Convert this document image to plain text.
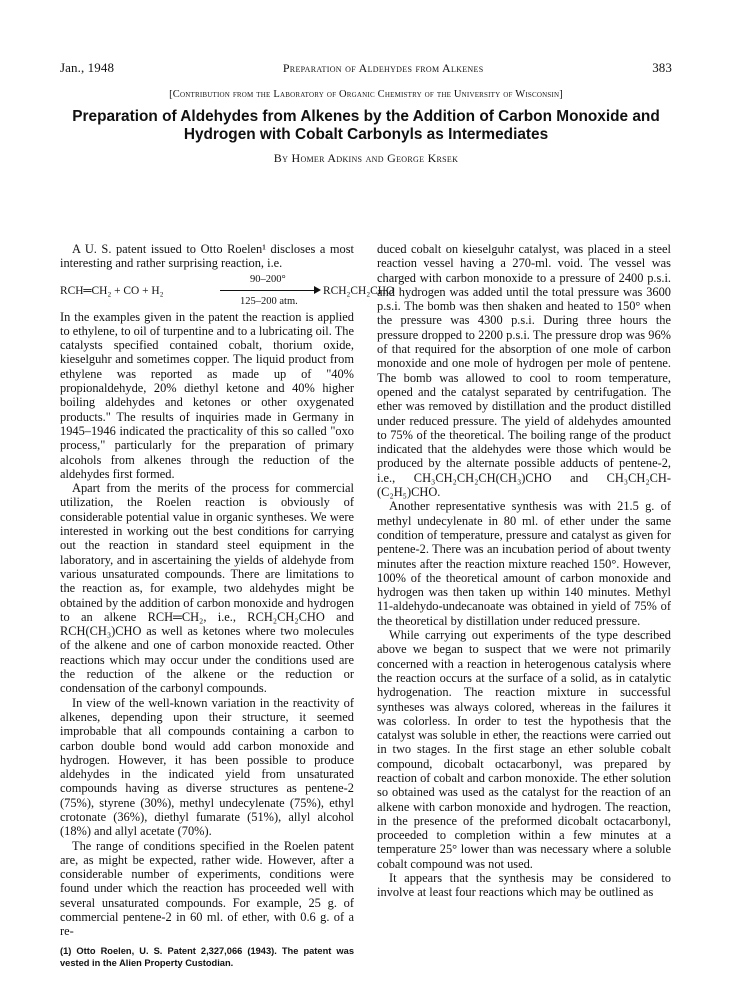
Jan., 1948	Preparation of Aldehydes from Alkenes	383
[Contribution from the Laboratory of Organic Chemistry of the University of Wisconsin]
Preparation of Aldehydes from Alkenes by the Addition of Carbon Monoxide and Hydrogen with Cobalt Carbonyls as Intermediates
By Homer Adkins and George Krsek

A U. S. patent issued to Otto Roelen¹ discloses a most interesting and rather surprising reaction, i.e.

RCH═CH₂ + CO + H₂
90–200°
125–200 atm.
RCH₂CH₂CHO

In the examples given in the patent the reaction is applied to ethylene, to oil of turpentine and to a lubricating oil. The catalysts specified contained cobalt, thorium oxide, kieselguhr and sometimes copper. The liquid product from ethylene was reported as made up of "40% propionaldehyde, 20% diethyl ketone and 40% higher boiling aldehydes and ketones or other oxygenated products." The results of inquiries made in Germany in 1945–1946 indicated the practicality of this so called "oxo process," particularly for the preparation of primary alcohols from alkenes through the reduction of the aldehydes first formed.

Apart from the merits of the process for commercial utilization, the Roelen reaction is obviously of considerable potential value in organic syntheses. We were interested in working out the best conditions for carrying out the reaction in standard steel equipment in the laboratory, and in ascertaining the yields of aldehyde from various unsaturated compounds. There are limitations to the reaction as, for example, two aldehydes might be obtained by the addition of carbon monoxide and hydrogen to an alkene RCH═CH₂, i.e., RCH₂CH₂CHO and RCH(CH₃)CHO as well as ketones where two molecules of the alkene and one of carbon monoxide reacted. Other reactions which may occur under the conditions used are the reduction of the alkene or the reduction or condensation of the carbonyl compounds.

In view of the well-known variation in the reactivity of alkenes, depending upon their structure, it seemed improbable that all compounds containing a carbon to carbon double bond would add carbon monoxide and hydrogen. However, it has been possible to produce aldehydes in the indicated yield from unsaturated compounds having as diverse structures as pentene-2 (75%), styrene (30%), methyl undecylenate (75%), ethyl crotonate (36%), diethyl fumarate (51%), allyl alcohol (18%) and allyl acetate (70%).

The range of conditions specified in the Roelen patent are, as might be expected, rather wide. However, after a considerable number of experiments, conditions were found under which the reaction has proceeded well with several unsaturated compounds. For example, 25 g. of commercial pentene-2 in 60 ml. of ether, with 0.6 g. of a re-

(1) Otto Roelen, U. S. Patent 2,327,066 (1943). The patent was vested in the Alien Property Custodian.

duced cobalt on kieselguhr catalyst, was placed in a steel reaction vessel having a 270-ml. void. The vessel was charged with carbon monoxide to a pressure of 2400 p.s.i. and hydrogen was added until the total pressure was 3600 p.s.i. The bomb was then shaken and heated to 150° when the pressure was 4300 p.s.i. During three hours the pressure dropped to 2200 p.s.i. The pressure drop was 96% of that required for the absorption of one mole of carbon monoxide and one mole of hydrogen per mole of pentene. The bomb was allowed to cool to room temperature, opened and the catalyst separated by centrifugation. The ether was removed by distillation and the product distilled under reduced pressure. The yield of aldehydes amounted to 75% of the theoretical. The boiling range of the product indicated that the aldehydes were those which would be produced by the alternate possible adducts of pentene-2, i.e., CH₃CH₂CH₂CH(CH₃)CHO and CH₃CH₂CH-(C₂H₅)CHO.

Another representative synthesis was with 21.5 g. of methyl undecylenate in 80 ml. of ether under the same condition of temperature, pressure and catalyst as given for pentene-2. There was an incubation period of about twenty minutes after the reaction mixture reached 150°. However, 100% of the theoretical amount of carbon monoxide and hydrogen was then taken up within 140 minutes. Methyl 11-aldehydo-undecanoate was obtained in yield of 75% of the theoretical by distillation under reduced pressure.

While carrying out experiments of the type described above we began to suspect that we were not primarily concerned with a reaction in heterogenous catalysis where the reaction occurs at the surface of a solid, as in catalytic hydrogenation. The reaction mixture in successful syntheses was always colored, whereas in the failures it was colorless. In order to test the hypothesis that the catalyst was soluble in ether, the reactions were carried out in two stages. In the first stage an ether soluble cobalt compound, dicobalt octacarbonyl, was prepared by reaction of cobalt and carbon monoxide. The ether solution so obtained was used as the catalyst for the reaction of an alkene with carbon monoxide and hydrogen. The reaction, in the presence of the preformed dicobalt octacarbonyl, proceeded to completion within a few minutes at a temperature 25° lower than was necessary where a soluble cobalt compound was not used.

It appears that the synthesis may be considered to involve at least four reactions which may be outlined as
